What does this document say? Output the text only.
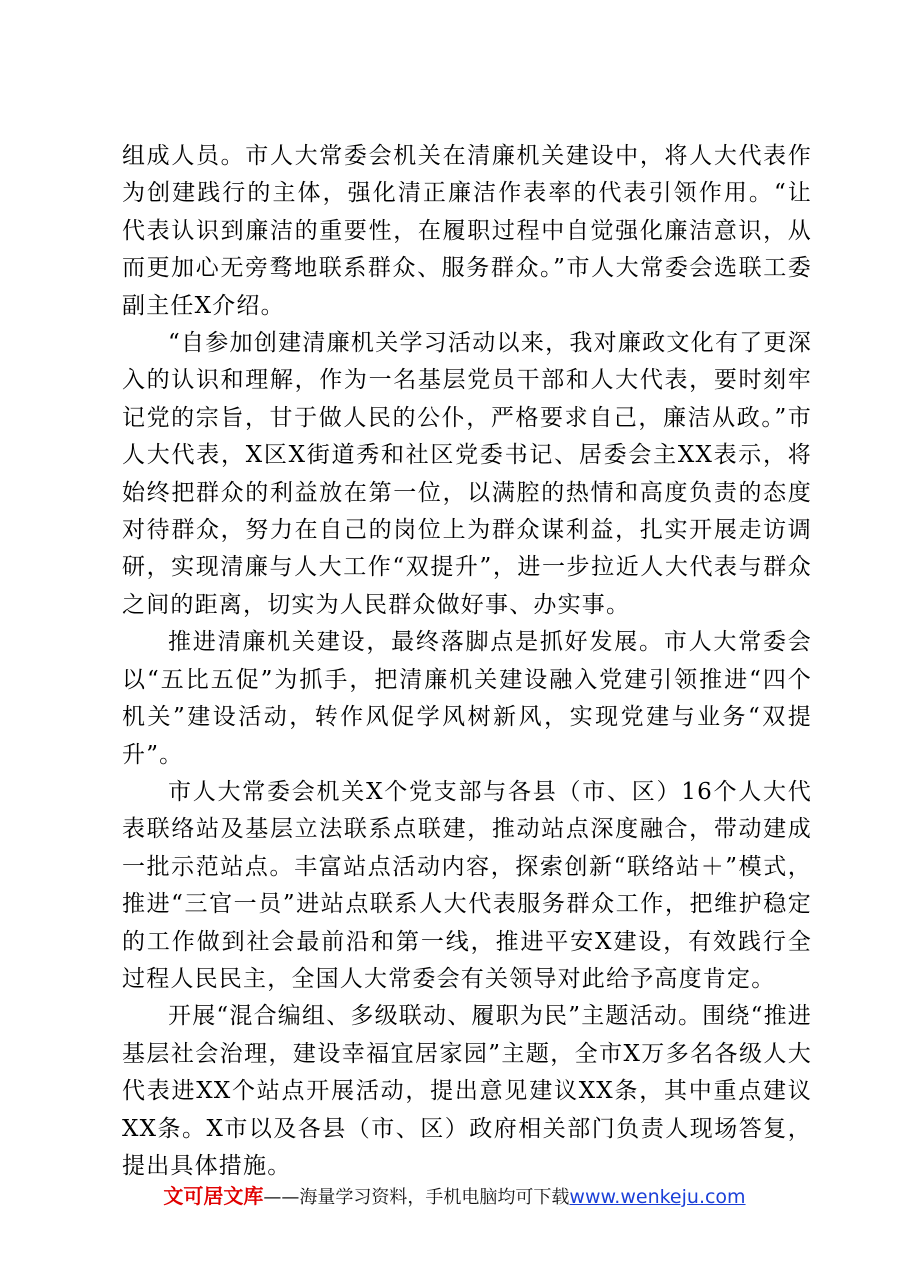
组成人员。市人大常委会机关在清廉机关建设中，将人大代表作为创建践行的主体，强化清正廉洁作表率的代表引领作用。“让代表认识到廉洁的重要性，在履职过程中自觉强化廉洁意识，从而更加心无旁骛地联系群众、服务群众。”市人大常委会选联工委副主任X介绍。

“自参加创建清廉机关学习活动以来，我对廉政文化有了更深入的认识和理解，作为一名基层党员干部和人大代表，要时刻牢记党的宗旨，甘于做人民的公仆，严格要求自己，廉洁从政。”市人大代表，X区X街道秀和社区党委书记、居委会主XX表示，将始终把群众的利益放在第一位，以满腔的热情和高度负责的态度对待群众，努力在自己的岗位上为群众谋利益，扎实开展走访调研，实现清廉与人大工作“双提升”，进一步拉近人大代表与群众之间的距离，切实为人民群众做好事、办实事。

推进清廉机关建设，最终落脚点是抓好发展。市人大常委会以“五比五促”为抓手，把清廉机关建设融入党建引领推进“四个机关”建设活动，转作风促学风树新风，实现党建与业务“双提升”。

市人大常委会机关X个党支部与各县（市、区）16个人大代表联络站及基层立法联系点联建，推动站点深度融合，带动建成一批示范站点。丰富站点活动内容，探索创新“联络站＋”模式，推进“三官一员”进站点联系人大代表服务群众工作，把维护稳定的工作做到社会最前沿和第一线，推进平安X建设，有效践行全过程人民民主，全国人大常委会有关领导对此给予高度肯定。

开展“混合编组、多级联动、履职为民”主题活动。围绕“推进基层社会治理，建设幸福宜居家园”主题，全市X万多名各级人大代表进XX个站点开展活动，提出意见建议XX条，其中重点建议XX条。X市以及各县（市、区）政府相关部门负责人现场答复，提出具体措施。

文可居文库——海量学习资料，手机电脑均可下载www.wenkeju.com
